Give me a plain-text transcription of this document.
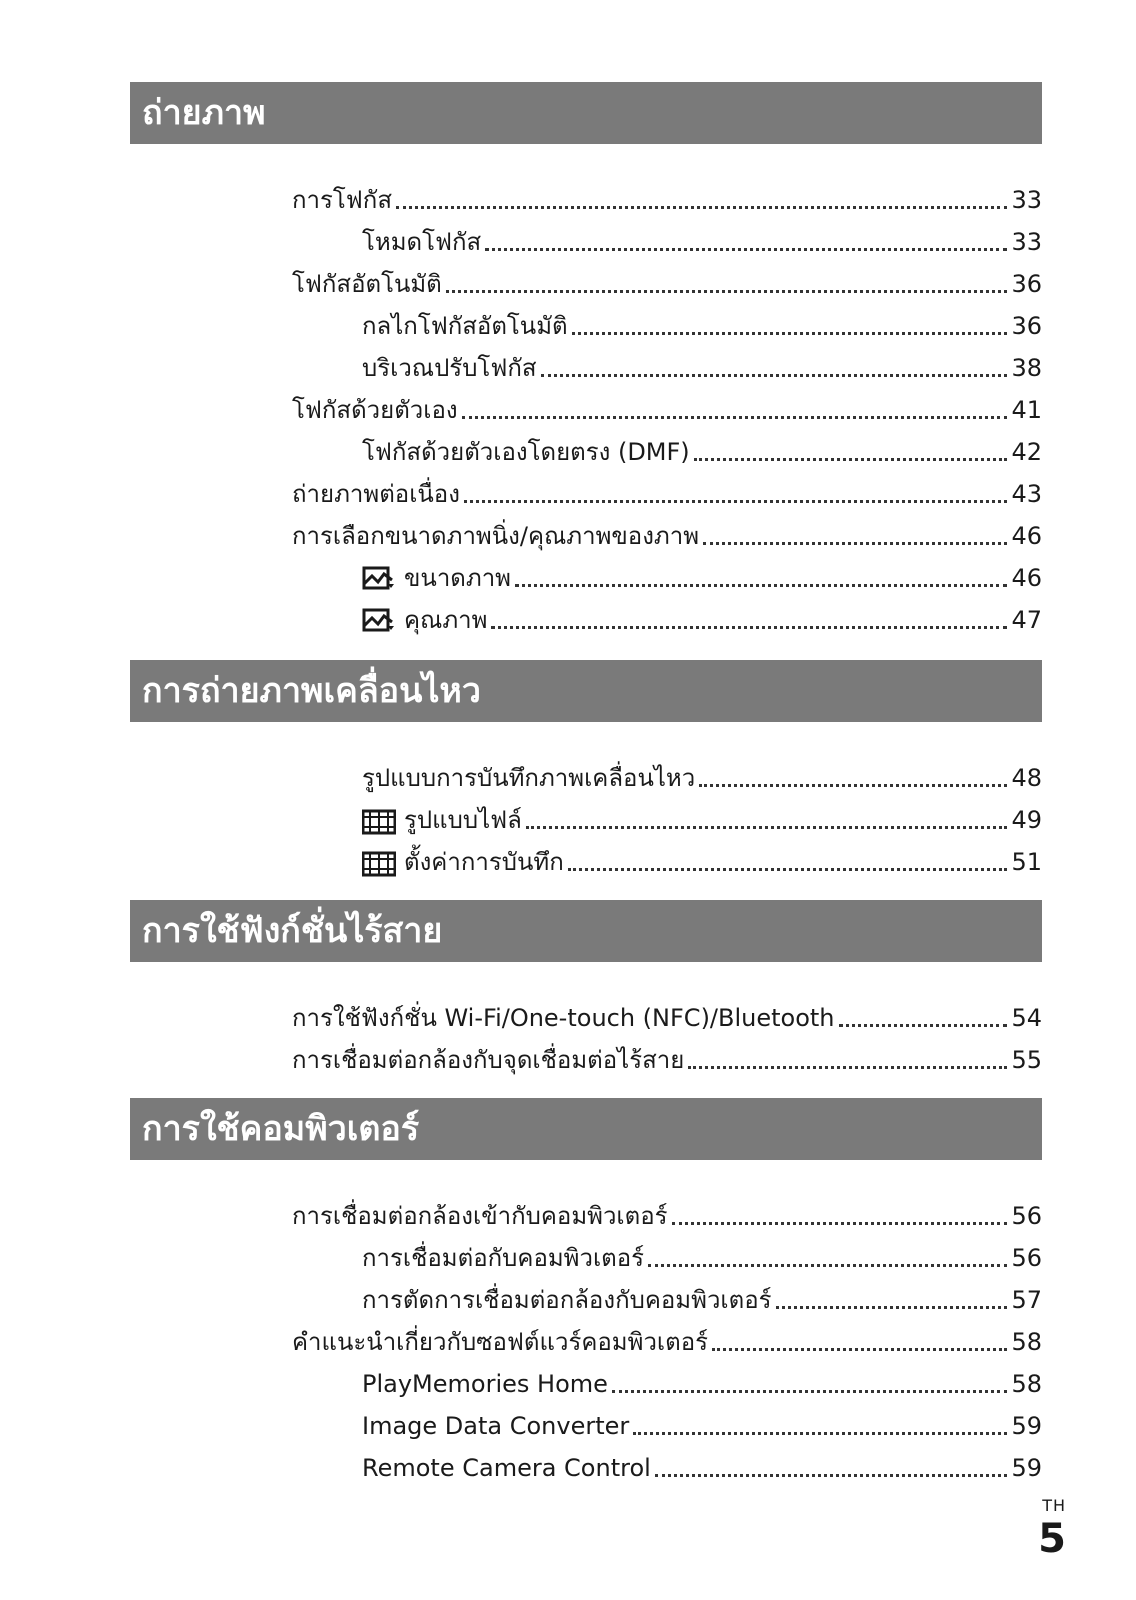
ถ่ายภาพ
การโฟกัส	33
โหมดโฟกัส	33
โฟกัสอัตโนมัติ	36
กลไกโฟกัสอัตโนมัติ	36
บริเวณปรับโฟกัส	38
โฟกัสด้วยตัวเอง	41
โฟกัสด้วยตัวเองโดยตรง (DMF)	42
ถ่ายภาพต่อเนื่อง	43
การเลือกขนาดภาพนิ่ง/คุณภาพของภาพ	46
ขนาดภาพ	46
คุณภาพ	47
การถ่ายภาพเคลื่อนไหว
รูปแบบการบันทึกภาพเคลื่อนไหว	48
รูปแบบไฟล์	49
ตั้งค่าการบันทึก	51
การใช้ฟังก์ชั่นไร้สาย
การใช้ฟังก์ชั่น Wi-Fi/One-touch (NFC)/Bluetooth	54
การเชื่อมต่อกล้องกับจุดเชื่อมต่อไร้สาย	55
การใช้คอมพิวเตอร์
การเชื่อมต่อกล้องเข้ากับคอมพิวเตอร์	56
การเชื่อมต่อกับคอมพิวเตอร์	56
การตัดการเชื่อมต่อกล้องกับคอมพิวเตอร์	57
คำแนะนำเกี่ยวกับซอฟต์แวร์คอมพิวเตอร์	58
PlayMemories Home	58
Image Data Converter	59
Remote Camera Control	59
TH
5
